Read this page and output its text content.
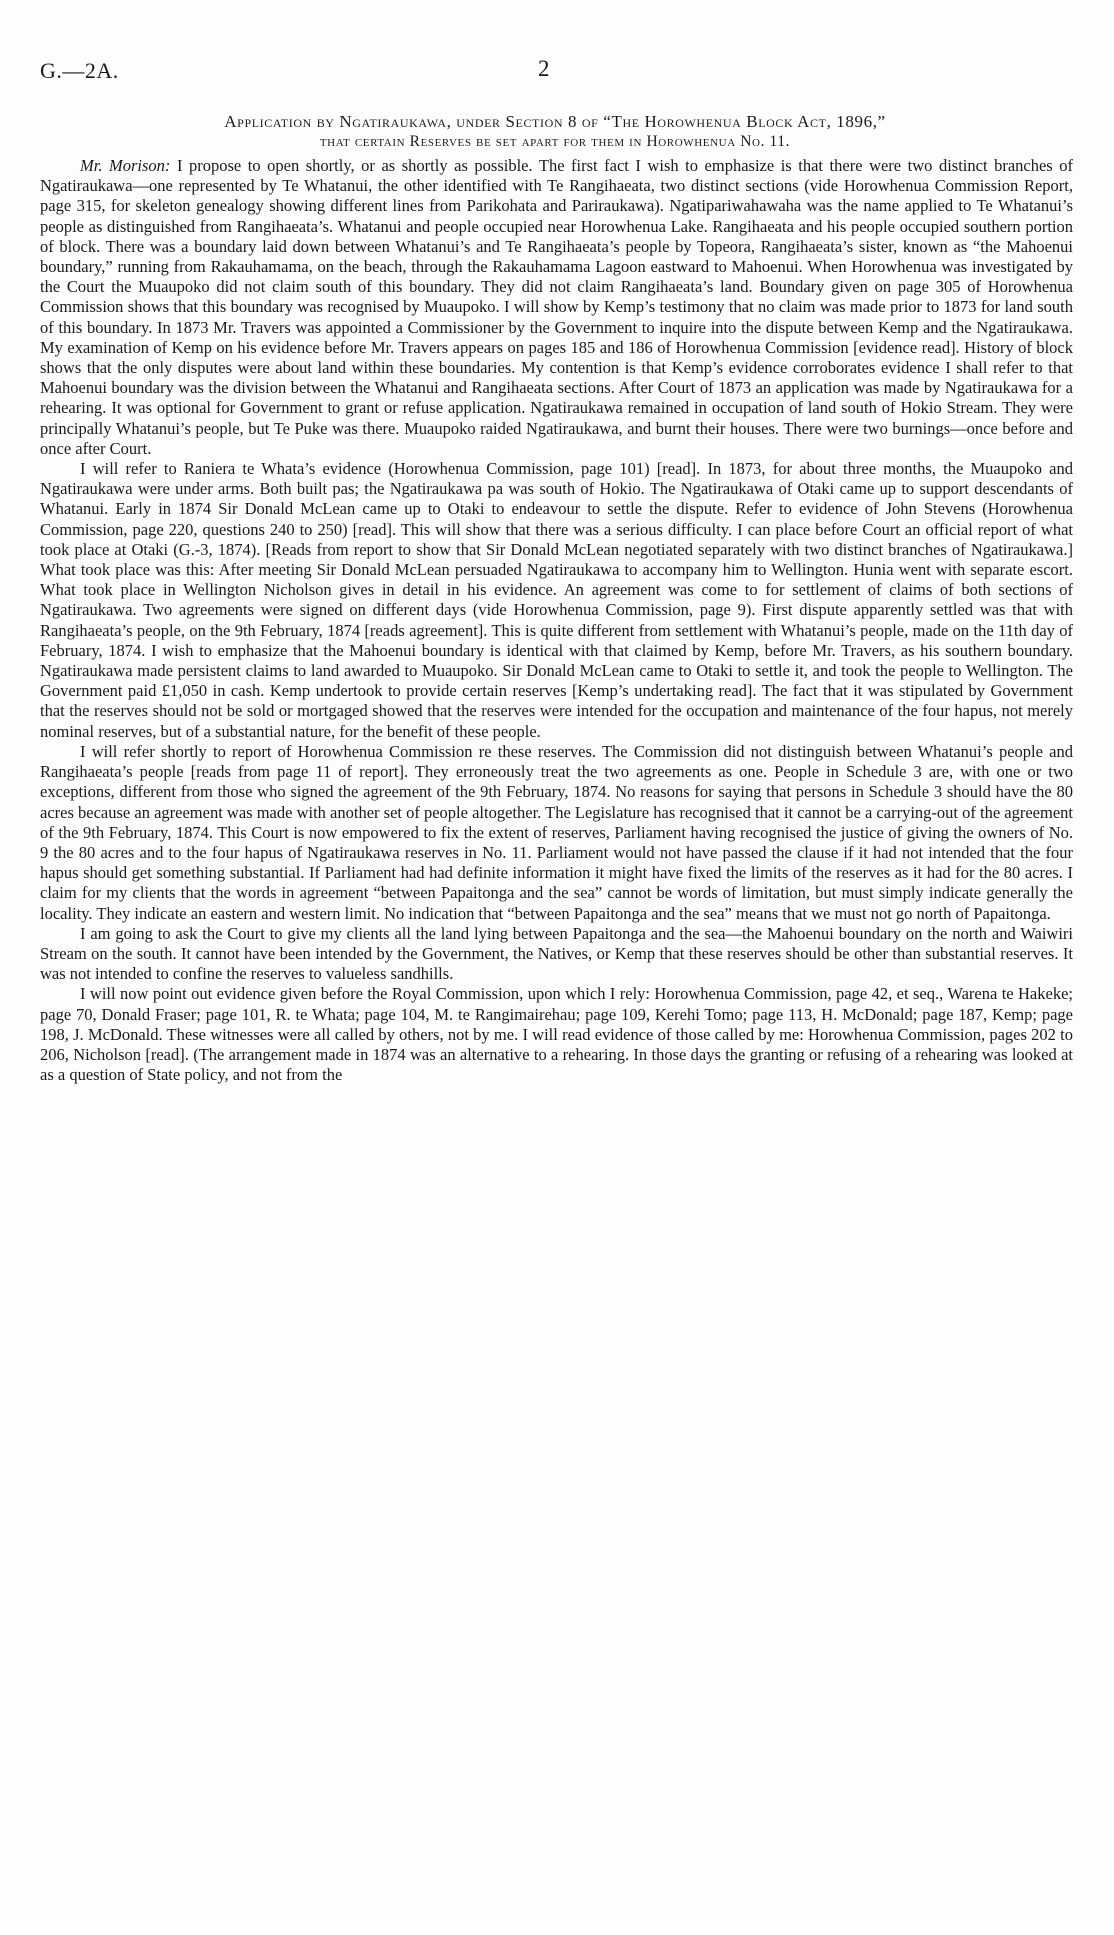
G.—2A.	2
Application by Ngatiraukawa, under Section 8 of “The Horowhenua Block Act, 1896,”
that certain Reserves be set apart for them in Horowhenua No. 11.

Mr. Morison: I propose to open shortly, or as shortly as possible. The first fact I wish to emphasize is that there were two distinct branches of Ngatiraukawa—one represented by Te Whatanui, the other identified with Te Rangihaeata, two distinct sections (vide Horowhenua Commission Report, page 315, for skeleton genealogy showing different lines from Parikohata and Pariraukawa). Ngatipariwahawaha was the name applied to Te Whatanui’s people as distinguished from Rangihaeata’s. Whatanui and people occupied near Horowhenua Lake. Rangihaeata and his people occupied southern portion of block. There was a boundary laid down between Whatanui’s and Te Rangihaeata’s people by Topeora, Rangihaeata’s sister, known as “the Mahoenui boundary,” running from Rakauhamama, on the beach, through the Rakauhamama Lagoon eastward to Mahoenui. When Horowhenua was investigated by the Court the Muaupoko did not claim south of this boundary. They did not claim Rangihaeata’s land. Boundary given on page 305 of Horowhenua Commission shows that this boundary was recognised by Muaupoko. I will show by Kemp’s testimony that no claim was made prior to 1873 for land south of this boundary. In 1873 Mr. Travers was appointed a Commissioner by the Government to inquire into the dispute between Kemp and the Ngatiraukawa. My examination of Kemp on his evidence before Mr. Travers appears on pages 185 and 186 of Horowhenua Commission [evidence read]. History of block shows that the only disputes were about land within these boundaries. My contention is that Kemp’s evidence corroborates evidence I shall refer to that Mahoenui boundary was the division between the Whatanui and Rangihaeata sections. After Court of 1873 an application was made by Ngatiraukawa for a rehearing. It was optional for Government to grant or refuse application. Ngatiraukawa remained in occupation of land south of Hokio Stream. They were principally Whatanui’s people, but Te Puke was there. Muaupoko raided Ngatiraukawa, and burnt their houses. There were two burnings—once before and once after Court.

I will refer to Raniera te Whata’s evidence (Horowhenua Commission, page 101) [read]. In 1873, for about three months, the Muaupoko and Ngatiraukawa were under arms. Both built pas; the Ngatiraukawa pa was south of Hokio. The Ngatiraukawa of Otaki came up to support descendants of Whatanui. Early in 1874 Sir Donald McLean came up to Otaki to endeavour to settle the dispute. Refer to evidence of John Stevens (Horowhenua Commission, page 220, questions 240 to 250) [read]. This will show that there was a serious difficulty. I can place before Court an official report of what took place at Otaki (G.-3, 1874). [Reads from report to show that Sir Donald McLean negotiated separately with two distinct branches of Ngatiraukawa.] What took place was this: After meeting Sir Donald McLean persuaded Ngatiraukawa to accompany him to Wellington. Hunia went with separate escort. What took place in Wellington Nicholson gives in detail in his evidence. An agreement was come to for settlement of claims of both sections of Ngatiraukawa. Two agreements were signed on different days (vide Horowhenua Commission, page 9). First dispute apparently settled was that with Rangihaeata’s people, on the 9th February, 1874 [reads agreement]. This is quite different from settlement with Whatanui’s people, made on the 11th day of February, 1874. I wish to emphasize that the Mahoenui boundary is identical with that claimed by Kemp, before Mr. Travers, as his southern boundary. Ngatiraukawa made persistent claims to land awarded to Muaupoko. Sir Donald McLean came to Otaki to settle it, and took the people to Wellington. The Government paid £1,050 in cash. Kemp undertook to provide certain reserves [Kemp’s undertaking read]. The fact that it was stipulated by Government that the reserves should not be sold or mortgaged showed that the reserves were intended for the occupation and maintenance of the four hapus, not merely nominal reserves, but of a substantial nature, for the benefit of these people.

I will refer shortly to report of Horowhenua Commission re these reserves. The Commission did not distinguish between Whatanui’s people and Rangihaeata’s people [reads from page 11 of report]. They erroneously treat the two agreements as one. People in Schedule 3 are, with one or two exceptions, different from those who signed the agreement of the 9th February, 1874. No reasons for saying that persons in Schedule 3 should have the 80 acres because an agreement was made with another set of people altogether. The Legislature has recognised that it cannot be a carrying-out of the agreement of the 9th February, 1874. This Court is now empowered to fix the extent of reserves, Parliament having recognised the justice of giving the owners of No. 9 the 80 acres and to the four hapus of Ngatiraukawa reserves in No. 11. Parliament would not have passed the clause if it had not intended that the four hapus should get something substantial. If Parliament had had definite information it might have fixed the limits of the reserves as it had for the 80 acres. I claim for my clients that the words in agreement “between Papaitonga and the sea” cannot be words of limitation, but must simply indicate generally the locality. They indicate an eastern and western limit. No indication that “between Papaitonga and the sea” means that we must not go north of Papaitonga.

I am going to ask the Court to give my clients all the land lying between Papaitonga and the sea—the Mahoenui boundary on the north and Waiwiri Stream on the south. It cannot have been intended by the Government, the Natives, or Kemp that these reserves should be other than substantial reserves. It was not intended to confine the reserves to valueless sandhills.

I will now point out evidence given before the Royal Commission, upon which I rely: Horowhenua Commission, page 42, et seq., Warena te Hakeke; page 70, Donald Fraser; page 101, R. te Whata; page 104, M. te Rangimairehau; page 109, Kerehi Tomo; page 113, H. McDonald; page 187, Kemp; page 198, J. McDonald. These witnesses were all called by others, not by me. I will read evidence of those called by me: Horowhenua Commission, pages 202 to 206, Nicholson [read]. (The arrangement made in 1874 was an alternative to a rehearing. In those days the granting or refusing of a rehearing was looked at as a question of State policy, and not from the
